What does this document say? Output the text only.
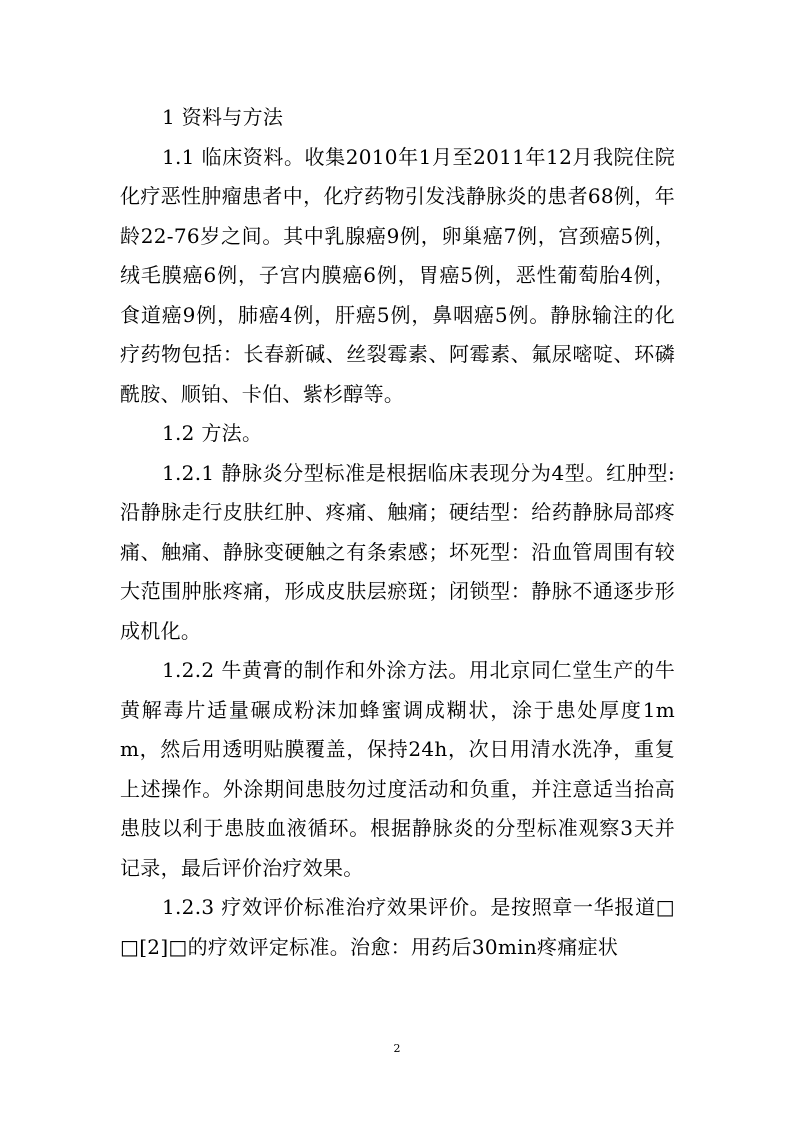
1 资料与方法

1.1 临床资料。收集2010年1月至2011年12月我院住院化疗恶性肿瘤患者中，化疗药物引发浅静脉炎的患者68例，年龄22-76岁之间。其中乳腺癌9例，卵巢癌7例，宫颈癌5例，绒毛膜癌6例，子宫内膜癌6例，胃癌5例，恶性葡萄胎4例，食道癌9例，肺癌4例，肝癌5例，鼻咽癌5例。静脉输注的化疗药物包括：长春新碱、丝裂霉素、阿霉素、氟尿嘧啶、环磷酰胺、顺铂、卡伯、紫杉醇等。

1.2 方法。

1.2.1 静脉炎分型标准是根据临床表现分为4型。红肿型:沿静脉走行皮肤红肿、疼痛、触痛；硬结型：给药静脉局部疼痛、触痛、静脉变硬触之有条索感；坏死型：沿血管周围有较大范围肿胀疼痛，形成皮肤层瘀斑；闭锁型：静脉不通逐步形成机化。

1.2.2 牛黄膏的制作和外涂方法。用北京同仁堂生产的牛黄解毒片适量碾成粉沫加蜂蜜调成糊状，涂于患处厚度1mm，然后用透明贴膜覆盖，保持24h，次日用清水洗净，重复上述操作。外涂期间患肢勿过度活动和负重，并注意适当抬高患肢以利于患肢血液循环。根据静脉炎的分型标准观察3天并记录，最后评价治疗效果。

1.2.3 疗效评价标准治疗效果评价。是按照章一华报道□□[2]□的疗效评定标准。治愈：用药后30min疼痛症状

2
